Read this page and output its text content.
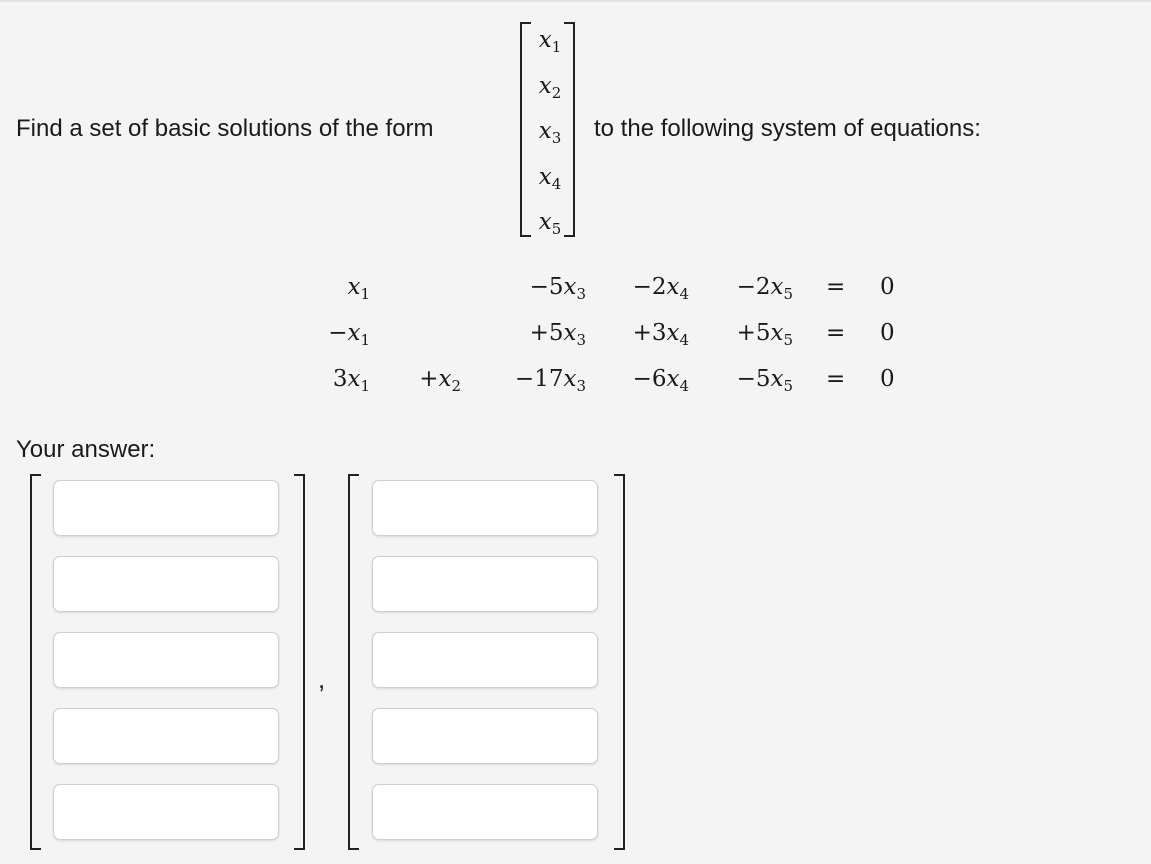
Find a set of basic solutions of the form	to the following system of equations:
$x_1$
$x_2$
$x_3$
$x_4$
$x_5$
$x_1$	$-5x_3 -2x_4 -2x_5 = 0$
$-x_1$	$+5x_3 +3x_4 +5x_5 = 0$
$3x_1 +x_2 -17x_3 -6x_4 -5x_5 = 0$
Your answer:
,
